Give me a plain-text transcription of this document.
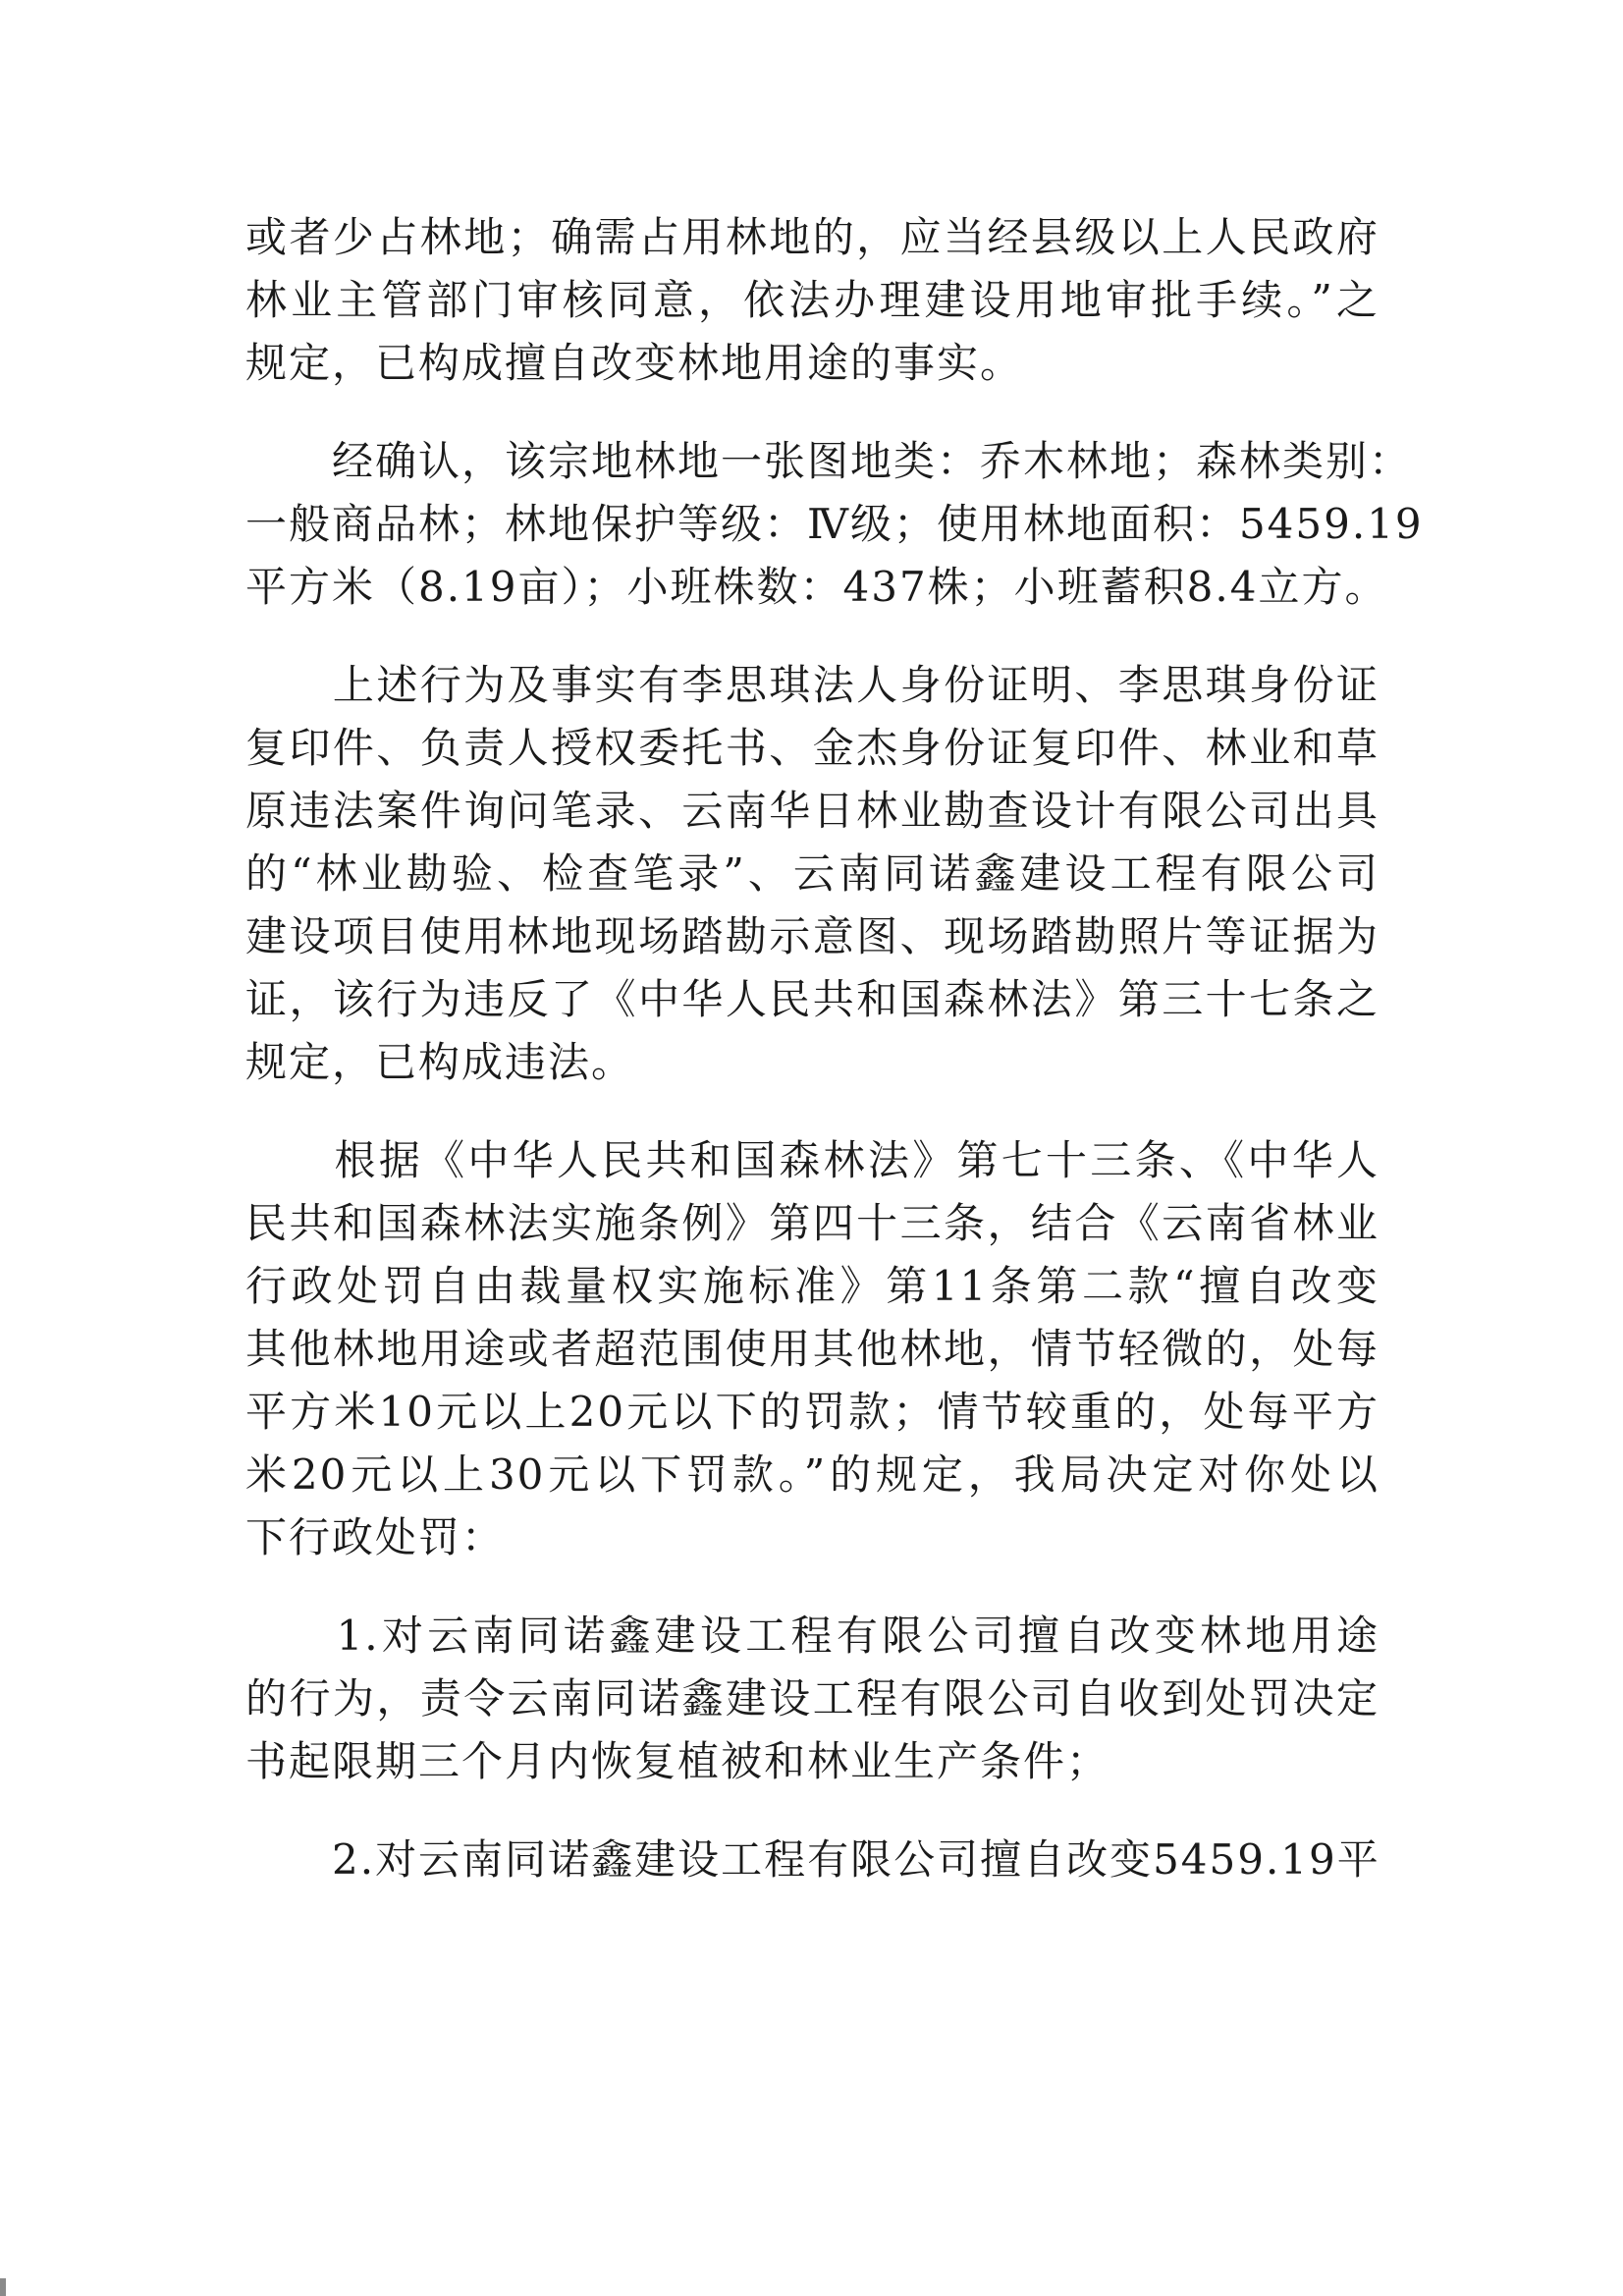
或者少占林地；确需占用林地的，应当经县级以上人民政府
林业主管部门审核同意，依法办理建设用地审批手续。”之
规定，已构成擅自改变林地用途的事实。
　　经确认，该宗地林地一张图地类：乔木林地；森林类别：
一般商品林；林地保护等级：Ⅳ级；使用林地面积：5459.19
平方米（8.19亩）；小班株数：437株；小班蓄积8.4立方。
　　上述行为及事实有李思琪法人身份证明、李思琪身份证
复印件、负责人授权委托书、金杰身份证复印件、林业和草
原违法案件询问笔录、云南华日林业勘查设计有限公司出具
的“林业勘验、检查笔录”、云南同诺鑫建设工程有限公司
建设项目使用林地现场踏勘示意图、现场踏勘照片等证据为
证，该行为违反了《中华人民共和国森林法》第三十七条之
规定，已构成违法。
　　根据《中华人民共和国森林法》第七十三条、《中华人
民共和国森林法实施条例》第四十三条，结合《云南省林业
行政处罚自由裁量权实施标准》第11条第二款“擅自改变
其他林地用途或者超范围使用其他林地，情节轻微的，处每
平方米10元以上20元以下的罚款；情节较重的，处每平方
米20元以上30元以下罚款。”的规定，我局决定对你处以
下行政处罚：
　　1.对云南同诺鑫建设工程有限公司擅自改变林地用途
的行为，责令云南同诺鑫建设工程有限公司自收到处罚决定
书起限期三个月内恢复植被和林业生产条件；
　　2.对云南同诺鑫建设工程有限公司擅自改变5459.19平
